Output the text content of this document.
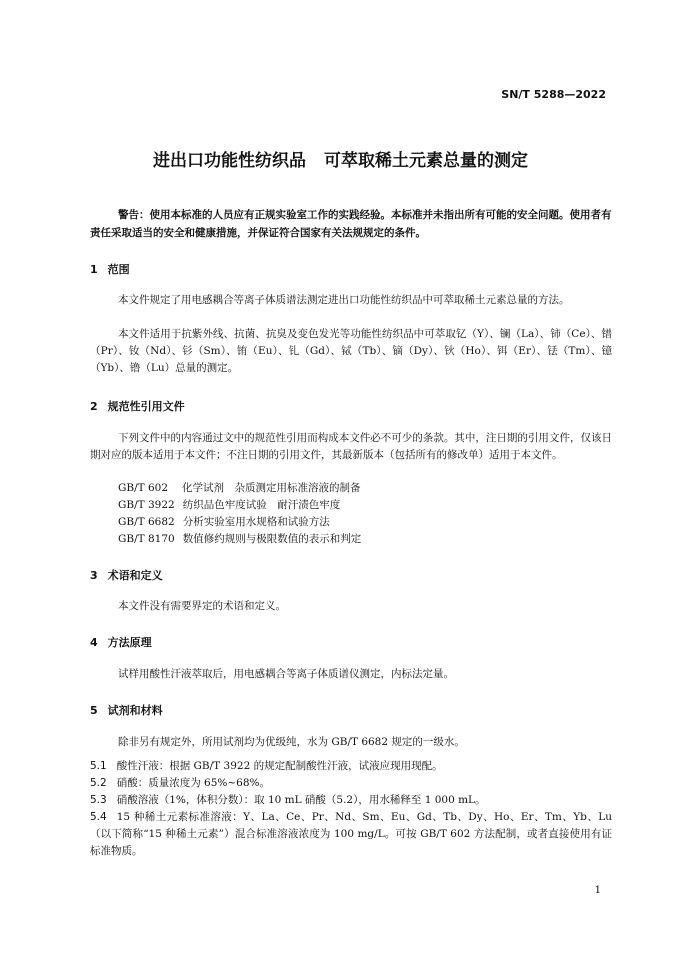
SN/T 5288—2022
进出口功能性纺织品 可萃取稀土元素总量的测定
警告：使用本标准的人员应有正规实验室工作的实践经验。本标准并未指出所有可能的安全问题。使用者有责任采取适当的安全和健康措施，并保证符合国家有关法规规定的条件。
1 范围

本文件规定了用电感耦合等离子体质谱法测定进出口功能性纺织品中可萃取稀土元素总量的方法。

本文件适用于抗紫外线、抗菌、抗臭及变色发光等功能性纺织品中可萃取钇（Y）、镧（La）、铈（Ce）、镨（Pr）、钕（Nd）、钐（Sm）、铕（Eu）、钆（Gd）、铽（Tb）、镝（Dy）、钬（Ho）、铒（Er）、铥（Tm）、镱（Yb）、镥（Lu）总量的测定。

2 规范性引用文件

下列文件中的内容通过文中的规范性引用而构成本文件必不可少的条款。其中，注日期的引用文件，仅该日期对应的版本适用于本文件；不注日期的引用文件，其最新版本（包括所有的修改单）适用于本文件。

GB/T 602 化学试剂　杂质测定用标准溶液的制备
GB/T 3922 纺织品色牢度试验　耐汗渍色牢度
GB/T 6682 分析实验室用水规格和试验方法
GB/T 8170 数值修约规则与极限数值的表示和判定
3 术语和定义

本文件没有需要界定的术语和定义。

4 方法原理

试样用酸性汗液萃取后，用电感耦合等离子体质谱仪测定，内标法定量。

5 试剂和材料

除非另有规定外，所用试剂均为优级纯，水为 GB/T 6682 规定的一级水。

5.1 酸性汗液：根据 GB/T 3922 的规定配制酸性汗液，试液应现用现配。

5.2 硝酸：质量浓度为 65%~68%。

5.3 硝酸溶液（1%，体积分数）：取 10 mL 硝酸（5.2），用水稀释至 1 000 mL。

5.4 15 种稀土元素标准溶液：Y、La、Ce、Pr、Nd、Sm、Eu、Gd、Tb、Dy、Ho、Er、Tm、Yb、Lu（以下简称“15 种稀土元素”）混合标准溶液浓度为 100 mg/L。可按 GB/T 602 方法配制，或者直接使用有证标准物质。

1
